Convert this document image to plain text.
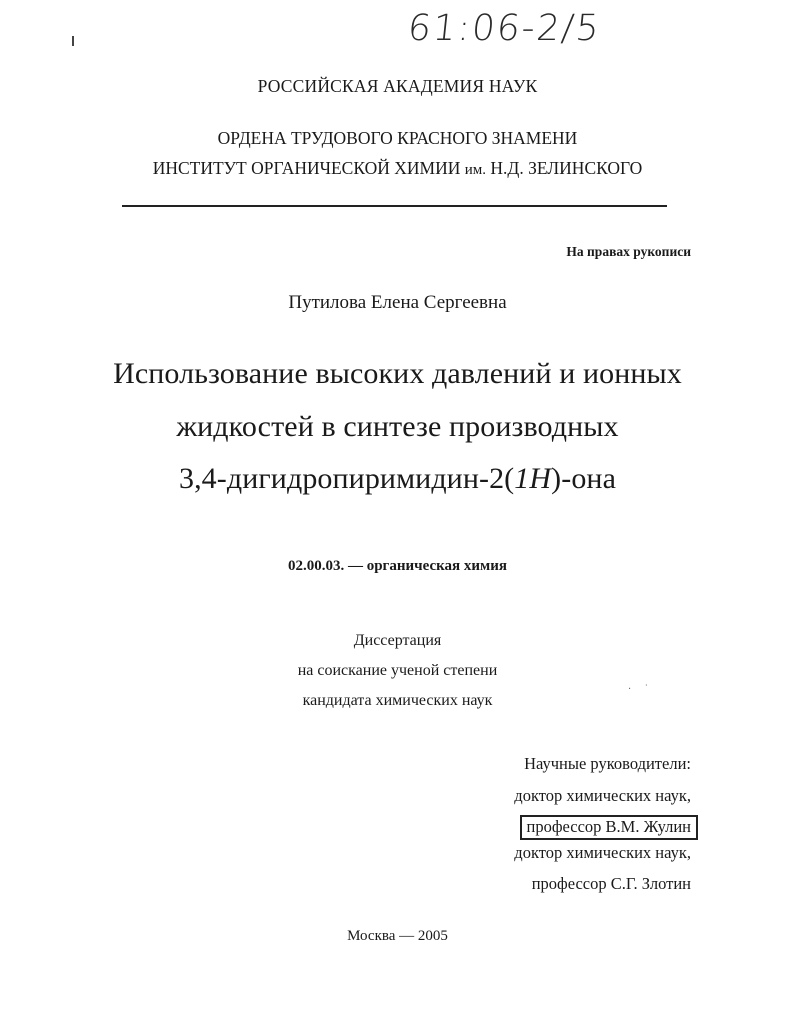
61:06-2/5
·    ˙
РОССИЙСКАЯ АКАДЕМИЯ НАУК
ОРДЕНА ТРУДОВОГО КРАСНОГО ЗНАМЕНИ
ИНСТИТУТ ОРГАНИЧЕСКОЙ ХИМИИ им. Н.Д. ЗЕЛИНСКОГО
На правах рукописи
Путилова Елена Сергеевна
Использование высоких давлений и ионных
жидкостей в синтезе производных
3,4-дигидропиримидин-2(1H)-она
02.00.03. — органическая химия
Диссертация
на соискание ученой степени
кандидата химических наук
Научные руководители:
доктор химических наук,
профессор В.М. Жулин
доктор химических наук,
профессор С.Г. Злотин
Москва — 2005
